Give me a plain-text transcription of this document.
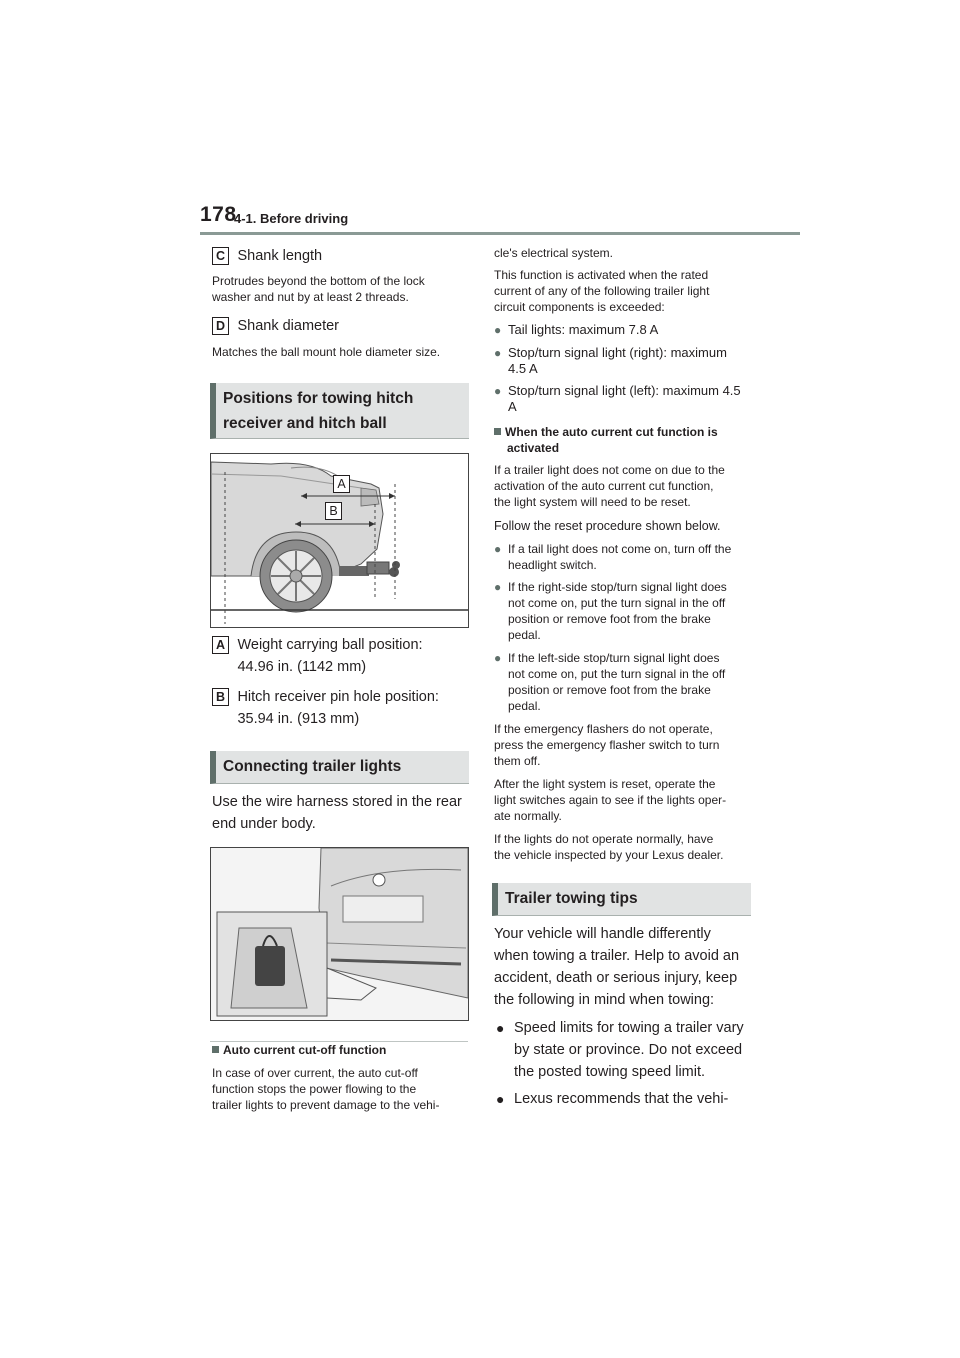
178
4-1. Before driving
C Shank length
Protrudes beyond the bottom of the lock
washer and nut by at least 2 threads.
D Shank diameter
Matches the ball mount hole diameter size.
Positions for towing hitch
receiver and hitch ball
A
B
A Weight carrying ball position:
44.96 in. (1142 mm)
B Hitch receiver pin hole position:
35.94 in. (913 mm)
Connecting trailer lights
Use the wire harness stored in the rear
end under body.
Auto current cut-off function
In case of over current, the auto cut-off
function stops the power flowing to the
trailer lights to prevent damage to the vehi-
cle's electrical system.
This function is activated when the rated
current of any of the following trailer light
circuit components is exceeded:
● Tail lights: maximum 7.8 A
● Stop/turn signal light (right): maximum
4.5 A
● Stop/turn signal light (left): maximum 4.5
A
When the auto current cut function is
activated
If a trailer light does not come on due to the
activation of the auto current cut function,
the light system will need to be reset.
Follow the reset procedure shown below.
● If a tail light does not come on, turn off the
headlight switch.
● If the right-side stop/turn signal light does
not come on, put the turn signal in the off
position or remove foot from the brake
pedal.
● If the left-side stop/turn signal light does
not come on, put the turn signal in the off
position or remove foot from the brake
pedal.
If the emergency flashers do not operate,
press the emergency flasher switch to turn
them off.
After the light system is reset, operate the
light switches again to see if the lights oper-
ate normally.
If the lights do not operate normally, have
the vehicle inspected by your Lexus dealer.
Trailer towing tips
Your vehicle will handle differently
when towing a trailer. Help to avoid an
accident, death or serious injury, keep
the following in mind when towing:
● Speed limits for towing a trailer vary
by state or province. Do not exceed
the posted towing speed limit.
● Lexus recommends that the vehi-
